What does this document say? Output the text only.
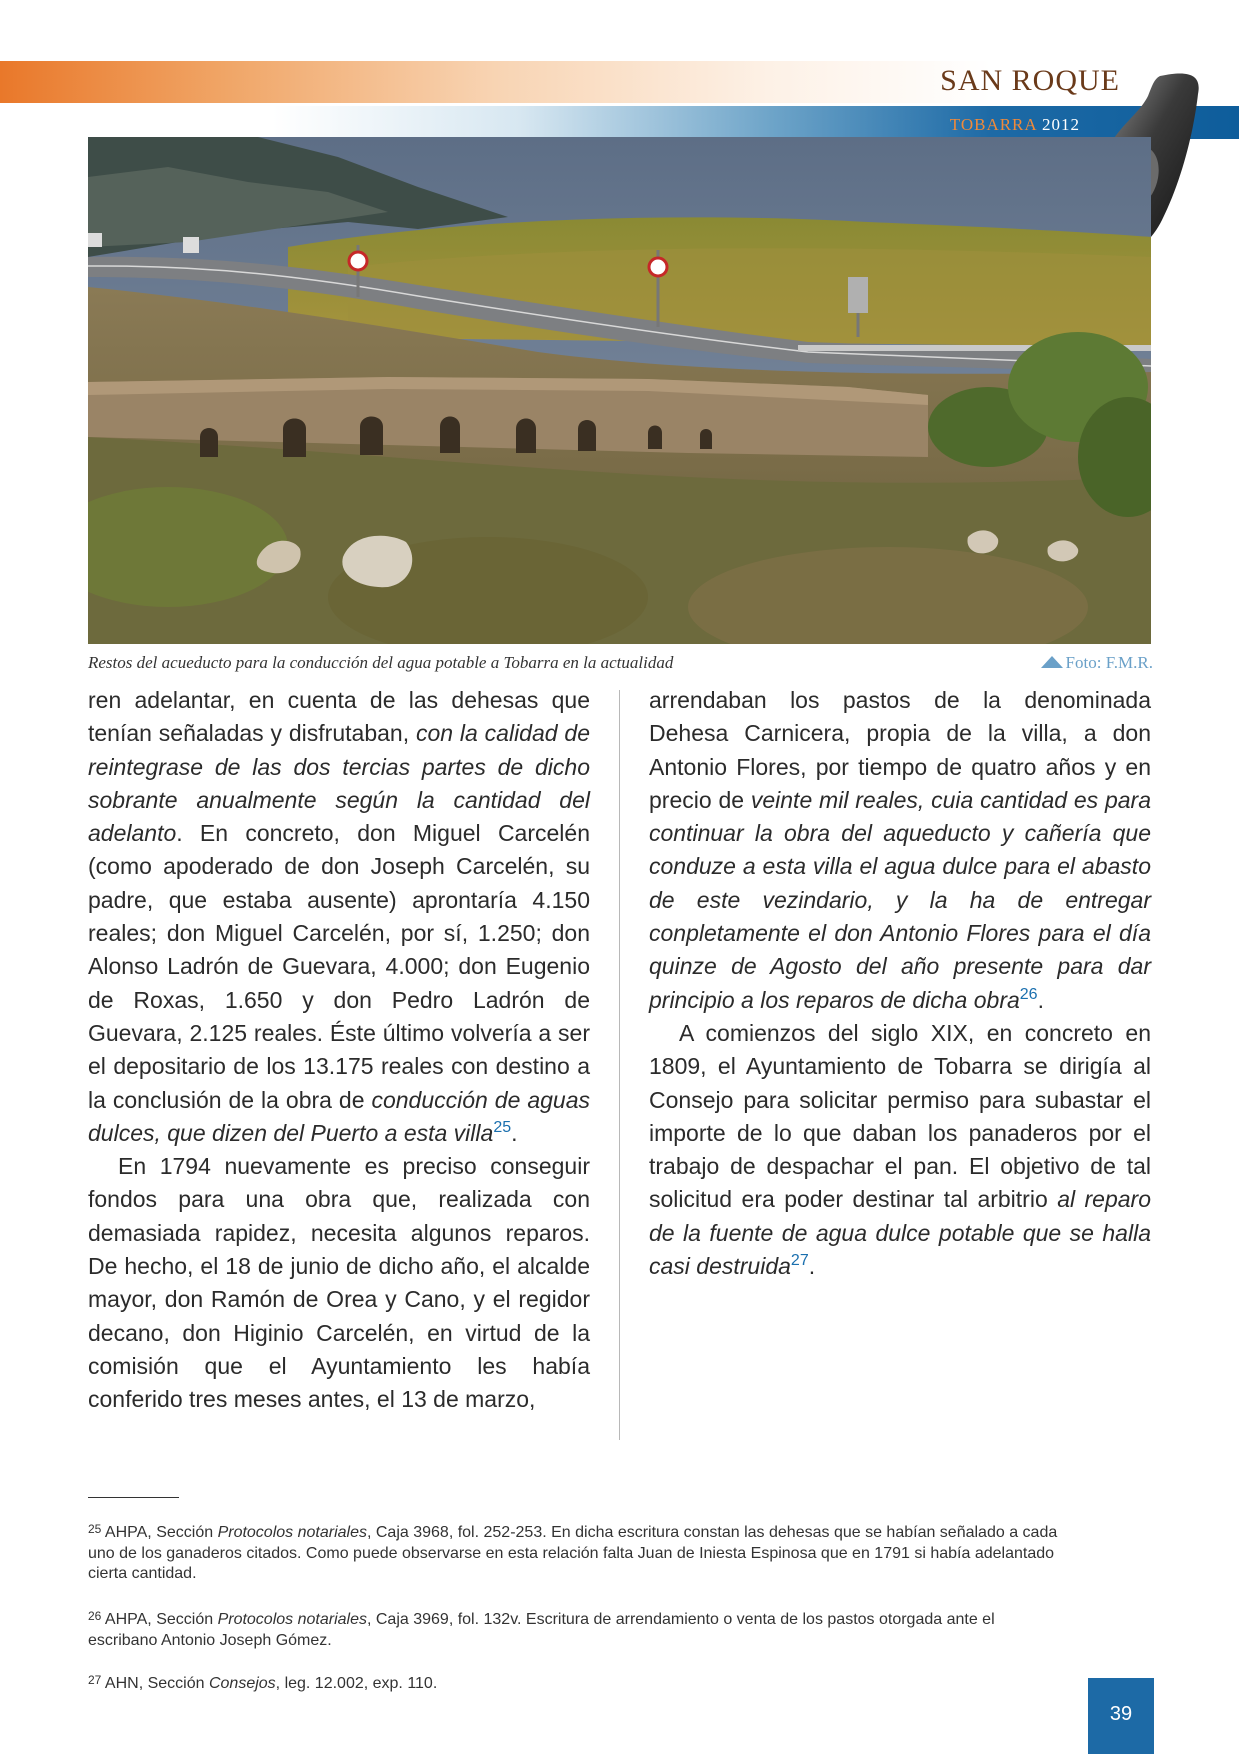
SAN ROQUE
TOBARRA 2012
Restos del acueducto para la conducción del agua potable a Tobarra en la actualidad	Foto: F.M.R.

ren adelantar, en cuenta de las dehesas que tenían señaladas y disfrutaban, con la calidad de reintegrase de las dos tercias partes de dicho sobrante anualmente según la cantidad del adelanto. En concreto, don Miguel Carcelén (como apoderado de don Joseph Carcelén, su padre, que estaba ausente) aprontaría 4.150 reales; don Miguel Carcelén, por sí, 1.250; don Alonso Ladrón de Guevara, 4.000; don Eugenio de Roxas, 1.650 y don Pedro Ladrón de Guevara, 2.125 reales. Éste último volvería a ser el depositario de los 13.175 reales con destino a la conclusión de la obra de conducción de aguas dulces, que dizen del Puerto a esta villa$^{25}$.

En 1794 nuevamente es preciso conseguir fondos para una obra que, realizada con demasiada rapidez, necesita algunos reparos. De hecho, el 18 de junio de dicho año, el alcalde mayor, don Ramón de Orea y Cano, y el regidor decano, don Higinio Carcelén, en virtud de la comisión que el Ayuntamiento les había conferido tres meses antes, el 13 de marzo,

arrendaban los pastos de la denominada Dehesa Carnicera, propia de la villa, a don Antonio Flores, por tiempo de quatro años y en precio de veinte mil reales, cuia cantidad es para continuar la obra del aqueducto y cañería que conduze a esta villa el agua dulce para el abasto de este vezindario, y la ha de entregar conpletamente el don Antonio Flores para el día quinze de Agosto del año presente para dar principio a los reparos de dicha obra$^{26}$.

A comienzos del siglo XIX, en concreto en 1809, el Ayuntamiento de Tobarra se dirigía al Consejo para solicitar permiso para subastar el importe de lo que daban los panaderos por el trabajo de despachar el pan. El objetivo de tal solicitud era poder destinar tal arbitrio al reparo de la fuente de agua dulce potable que se halla casi destruida$^{27}$.

$^{25}$ AHPA, Sección Protocolos notariales, Caja 3968, fol. 252-253. En dicha escritura constan las dehesas que se habían señalado a cada uno de los ganaderos citados. Como puede observarse en esta relación falta Juan de Iniesta Espinosa que en 1791 si había adelantado cierta cantidad.
$^{26}$ AHPA, Sección Protocolos notariales, Caja 3969, fol. 132v. Escritura de arrendamiento o venta de los pastos otorgada ante el escribano Antonio Joseph Gómez.
$^{27}$ AHN, Sección Consejos, leg. 12.002, exp. 110.
39
